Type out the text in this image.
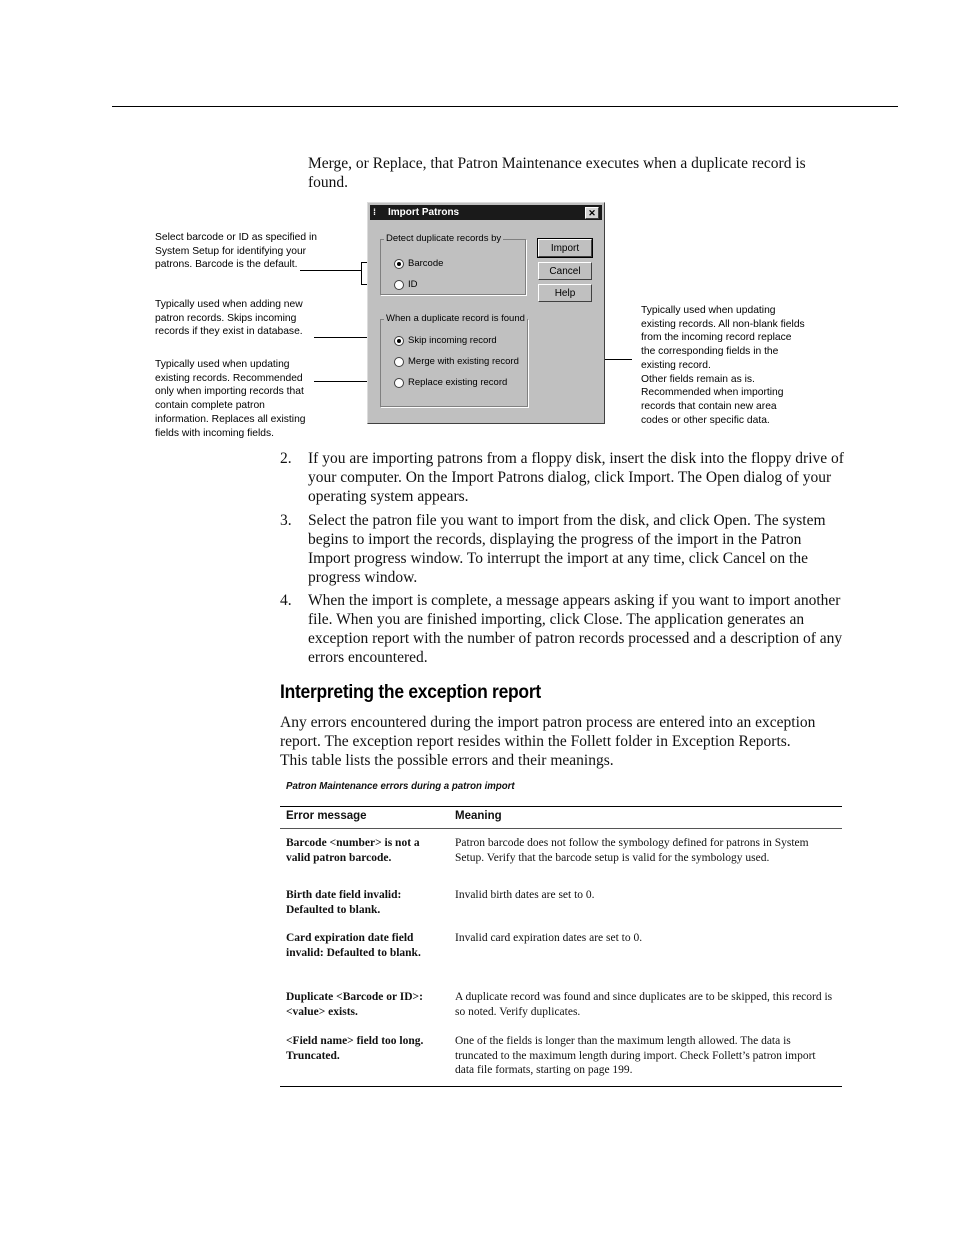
Merge, or Replace, that Patron Maintenance executes when a duplicate record is found.

Select barcode or ID as specified in System Setup for identifying your patrons. Barcode is the default.
Typically used when adding new patron records. Skips incoming records if they exist in database.
Typically used when updating existing records. Recommended only when importing records that contain complete patron information. Replaces all existing fields with incoming fields.
Typically used when updating existing records. All non-blank fields from the incoming record replace the corresponding fields in the existing record.
Other fields remain as is. Recommended when importing records that contain new area codes or other specific data.
⁞ Import Patrons	✕
Detect duplicate records by
Barcode
ID
When a duplicate record is found
Skip incoming record
Merge with existing record
Replace existing record
Import
Cancel
Help
2. If you are importing patrons from a floppy disk, insert the disk into the floppy drive of your computer. On the Import Patrons dialog, click Import. The Open dialog of your operating system appears.

3. Select the patron file you want to import from the disk, and click Open. The system begins to import the records, displaying the progress of the import in the Patron Import progress window. To interrupt the import at any time, click Cancel on the progress window.

4. When the import is complete, a message appears asking if you want to import another file. When you are finished importing, click Close. The application generates an exception report with the number of patron records processed and a description of any errors encountered.

Interpreting the exception report

Any errors encountered during the import patron process are entered into an exception report. The exception report resides within the Follett folder in Exception Reports. This table lists the possible errors and their meanings.

Patron Maintenance errors during a patron import
Error message	Meaning
Barcode <number> is not a valid patron barcode.	Patron barcode does not follow the symbology defined for patrons in System Setup. Verify that the barcode setup is valid for the symbology used.
Birth date field invalid: Defaulted to blank.	Invalid birth dates are set to 0.
Card expiration date field invalid: Defaulted to blank.	Invalid card expiration dates are set to 0.
Duplicate <Barcode or ID>: <value> exists.	A duplicate record was found and since duplicates are to be skipped, this record is so noted. Verify duplicates.
<Field name> field too long. Truncated.	One of the fields is longer than the maximum length allowed. The data is truncated to the maximum length during import. Check Follett’s patron import data file formats, starting on page 199.
